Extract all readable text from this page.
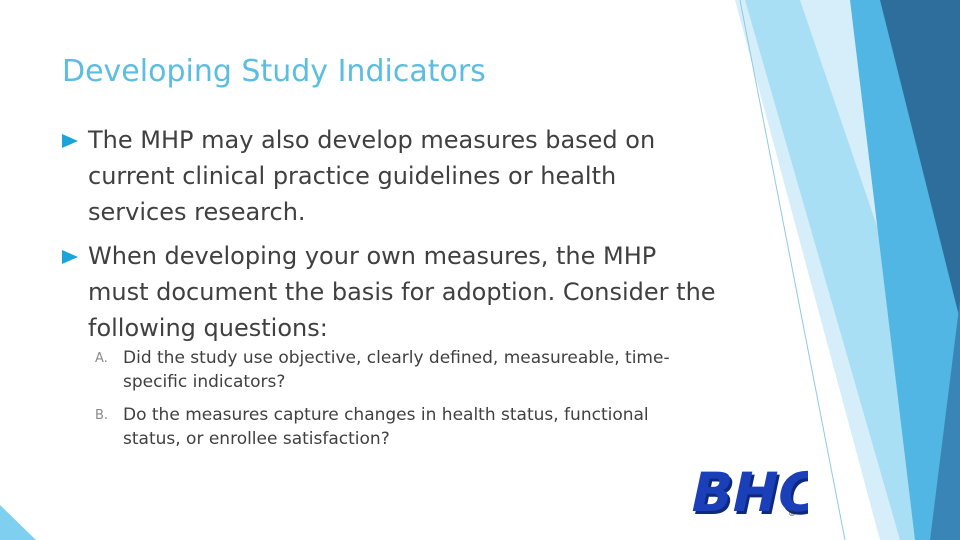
Developing Study Indicators
The MHP may also develop measures based on current clinical practice guidelines or health services research.
When developing your own measures, the MHP must document the basis for adoption. Consider the following questions:
A. Did the study use objective, clearly defined, measureable, time-specific indicators?
B. Do the measures capture changes in health status, functional status, or enrollee satisfaction?
BHC
BHC
®
